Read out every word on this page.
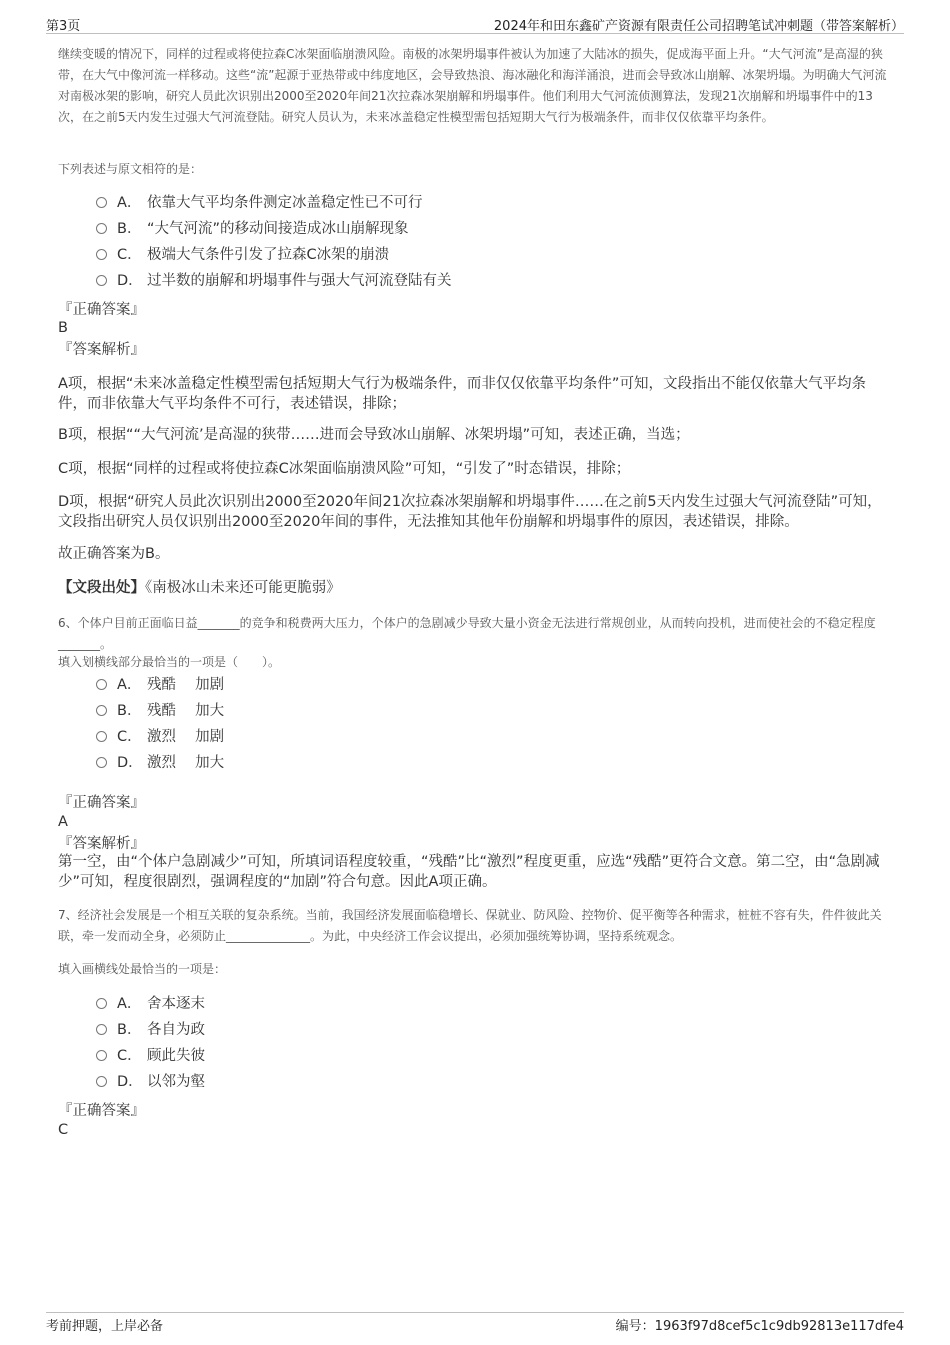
第3页	2024年和田东鑫矿产资源有限责任公司招聘笔试冲刺题（带答案解析）
继续变暖的情况下，同样的过程或将使拉森C冰架面临崩溃风险。南极的冰架坍塌事件被认为加速了大陆冰的损失，促成海平面上升。“大气河流”是高湿的狭带，在大气中像河流一样移动。这些“流”起源于亚热带或中纬度地区，会导致热浪、海冰融化和海洋涌浪，进而会导致冰山崩解、冰架坍塌。为明确大气河流对南极冰架的影响，研究人员此次识别出2000至2020年间21次拉森冰架崩解和坍塌事件。他们利用大气河流侦测算法，发现21次崩解和坍塌事件中的13次，在之前5天内发生过强大气河流登陆。研究人员认为，未来冰盖稳定性模型需包括短期大气行为极端条件，而非仅仅依靠平均条件。
下列表述与原文相符的是：
A． 依靠大气平均条件测定冰盖稳定性已不可行
B． “大气河流”的移动间接造成冰山崩解现象
C． 极端大气条件引发了拉森C冰架的崩溃
D． 过半数的崩解和坍塌事件与强大气河流登陆有关
『正确答案』
B
『答案解析』
A项，根据“未来冰盖稳定性模型需包括短期大气行为极端条件，而非仅仅依靠平均条件”可知，文段指出不能仅依靠大气平均条件，而非依靠大气平均条件不可行，表述错误，排除；
B项，根据““大气河流’是高湿的狭带……进而会导致冰山崩解、冰架坍塌”可知，表述正确，当选；
C项，根据“同样的过程或将使拉森C冰架面临崩溃风险”可知，“引发了”时态错误，排除；
D项，根据“研究人员此次识别出2000至2020年间21次拉森冰架崩解和坍塌事件……在之前5天内发生过强大气河流登陆”可知，文段指出研究人员仅识别出2000至2020年间的事件，无法推知其他年份崩解和坍塌事件的原因，表述错误，排除。
故正确答案为B。
【文段出处】《南极冰山未来还可能更脆弱》
6、个体户目前正面临日益_______的竞争和税费两大压力，个体户的急剧减少导致大量小资金无法进行常规创业，从而转向投机，进而使社会的不稳定程度_______。
填入划横线部分最恰当的一项是（　　）。
A． 残酷　 加剧
B． 残酷　 加大
C． 激烈　 加剧
D． 激烈　 加大
『正确答案』
A
『答案解析』
第一空，由“个体户急剧减少”可知，所填词语程度较重，“残酷”比“激烈”程度更重，应选“残酷”更符合文意。第二空，由“急剧减少”可知，程度很剧烈，强调程度的“加剧”符合句意。因此A项正确。
7、经济社会发展是一个相互关联的复杂系统。当前，我国经济发展面临稳增长、保就业、防风险、控物价、促平衡等各种需求，桩桩不容有失，件件彼此关联，牵一发而动全身，必须防止______________。为此，中央经济工作会议提出，必须加强统筹协调，坚持系统观念。
填入画横线处最恰当的一项是：
A． 舍本逐末
B． 各自为政
C． 顾此失彼
D． 以邻为壑
『正确答案』
C
考前押题，上岸必备	编号：1963f97d8cef5c1c9db92813e117dfe4
